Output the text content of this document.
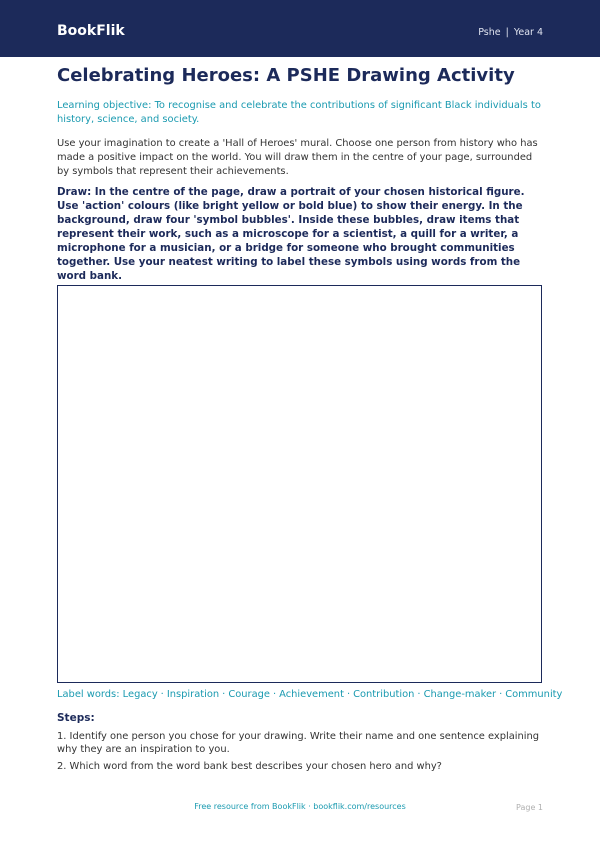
BookFlik	Pshe | Year 4
Celebrating Heroes: A PSHE Drawing Activity

Learning objective: To recognise and celebrate the contributions of significant Black individuals to history, science, and society.

Use your imagination to create a 'Hall of Heroes' mural. Choose one person from history who has made a positive impact on the world. You will draw them in the centre of your page, surrounded by symbols that represent their achievements.

Draw: In the centre of the page, draw a portrait of your chosen historical figure. Use 'action' colours (like bright yellow or bold blue) to show their energy. In the background, draw four 'symbol bubbles'. Inside these bubbles, draw items that represent their work, such as a microscope for a scientist, a quill for a writer, a microphone for a musician, or a bridge for someone who brought communities together. Use your neatest writing to label these symbols using words from the word bank.

Label words: Legacy · Inspiration · Courage · Achievement · Contribution · Change-maker · Community

Steps:
1. Identify one person you chose for your drawing. Write their name and one sentence explaining why they are an inspiration to you.
2. Which word from the word bank best describes your chosen hero and why?
Free resource from BookFlik · bookflik.com/resources	Page 1
